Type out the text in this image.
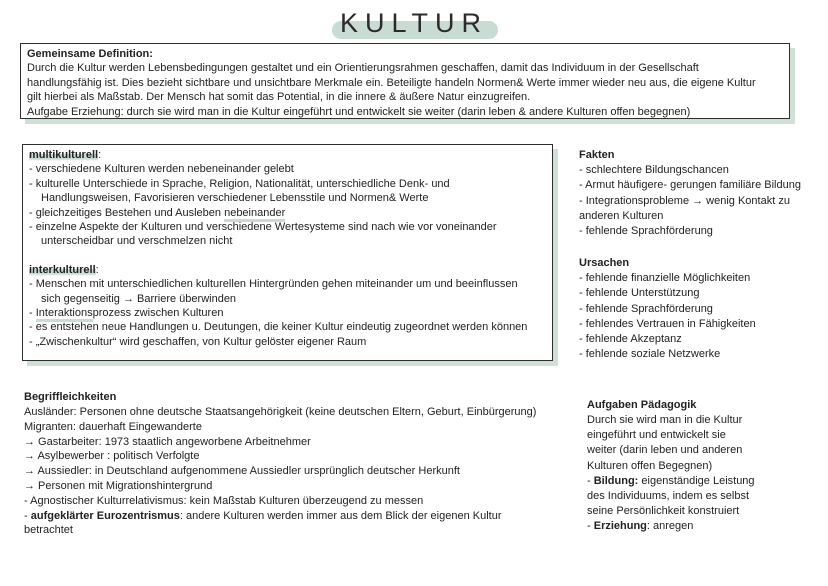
KULTUR
Gemeinsame Definition:

Durch die Kultur werden Lebensbedingungen gestaltet und ein Orientierungsrahmen geschaffen, damit das Individuum in der Gesellschaft

handlungsfähig ist. Dies bezieht sichtbare und unsichtbare Merkmale ein. Beteiligte handeln Normen& Werte immer wieder neu aus, die eigene Kultur

gilt hierbei als Maßstab. Der Mensch hat somit das Potential, in die innere & äußere Natur einzugreifen.

Aufgabe Erziehung: durch sie wird man in die Kultur eingeführt und entwickelt sie weiter (darin leben & andere Kulturen offen begegnen)

multikulturell:

- verschiedene Kulturen werden nebeneinander gelebt

- kulturelle Unterschiede in Sprache, Religion, Nationalität, unterschiedliche Denk- und

Handlungsweisen, Favorisieren verschiedener Lebensstile und Normen& Werte

- gleichzeitiges Bestehen und Ausleben nebeinander

- einzelne Aspekte der Kulturen und verschiedene Wertesysteme sind nach wie vor voneinander

unterscheidbar und verschmelzen nicht

interkulturell:

- Menschen mit unterschiedlichen kulturellen Hintergründen gehen miteinander um und beeinflussen

sich gegenseitig → Barriere überwinden

- Interaktionsprozess zwischen Kulturen

- es entstehen neue Handlungen u. Deutungen, die keiner Kultur eindeutig zugeordnet werden können

- „Zwischenkultur“ wird geschaffen, von Kultur gelöster eigener Raum

Fakten
- schlechtere Bildungschancen
- Armut häufigere- gerungen familiäre Bildung
- Integrationsprobleme → wenig Kontakt zu
anderen Kulturen
- fehlende Sprachförderung
Ursachen
- fehlende finanzielle Möglichkeiten
- fehlende Unterstützung
- fehlende Sprachförderung
- fehlendes Vertrauen in Fähigkeiten
- fehlende Akzeptanz
- fehlende soziale Netzwerke
Begriffleichkeiten
Ausländer: Personen ohne deutsche Staatsangehörigkeit (keine deutschen Eltern, Geburt, Einbürgerung)
Migranten: dauerhaft Eingewanderte
→ Gastarbeiter: 1973 staatlich angeworbene Arbeitnehmer
→ Asylbewerber : politisch Verfolgte
→ Aussiedler: in Deutschland aufgenommene Aussiedler ursprünglich deutscher Herkunft
→ Personen mit Migrationshintergrund
- Agnostischer Kulturrelativismus: kein Maßstab Kulturen überzeugend zu messen
- aufgeklärter Eurozentrismus: andere Kulturen werden immer aus dem Blick der eigenen Kultur
betrachtet
Aufgaben Pädagogik
Durch sie wird man in die Kultur
eingeführt und entwickelt sie
weiter (darin leben und anderen
Kulturen offen Begegnen)
- Bildung: eigenständige Leistung
des Individuums, indem es selbst
seine Persönlichkeit konstruiert
- Erziehung: anregen
